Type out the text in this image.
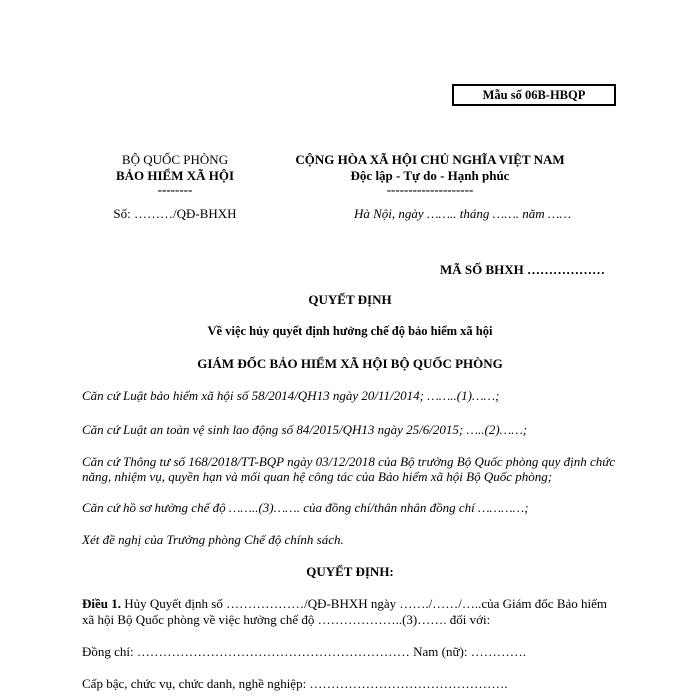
Mẫu số 06B-HBQP
BỘ QUỐC PHÒNG
BẢO HIỂM XÃ HỘI
--------
Số: ………/QĐ-BHXH
CỘNG HÒA XÃ HỘI CHỦ NGHĨA VIỆT NAM
Độc lập - Tự do - Hạnh phúc
--------------------
Hà Nội, ngày …….. tháng ……. năm ……
MÃ SỐ BHXH ………………
QUYẾT ĐỊNH
Về việc hủy quyết định hưởng chế độ bảo hiểm xã hội
GIÁM ĐỐC BẢO HIỂM XÃ HỘI BỘ QUỐC PHÒNG
Căn cứ Luật bảo hiểm xã hội số 58/2014/QH13 ngày 20/11/2014; ……..(1)……;
Căn cứ Luật an toàn vệ sinh lao động số 84/2015/QH13 ngày 25/6/2015; …..(2)……;
Căn cứ Thông tư số 168/2018/TT-BQP ngày 03/12/2018 của Bộ trưởng Bộ Quốc phòng quy định chức năng, nhiệm vụ, quyền hạn và mối quan hệ công tác của Bảo hiểm xã hội Bộ Quốc phòng;
Căn cứ hồ sơ hưởng chế độ ……..(3)……. của đồng chí/thân nhân đồng chí …………;
Xét đề nghị của Trưởng phòng Chế độ chính sách.
QUYẾT ĐỊNH:
Điều 1. Hủy Quyết định số ………………/QĐ-BHXH ngày ……./……/…..của Giám đốc Bảo hiểm xã hội Bộ Quốc phòng về việc hưởng chế độ ………………..(3)……. đối với:
Đồng chí: ……………………………………………………… Nam (nữ): ………….
Cấp bậc, chức vụ, chức danh, nghề nghiệp: ……………………………………….
